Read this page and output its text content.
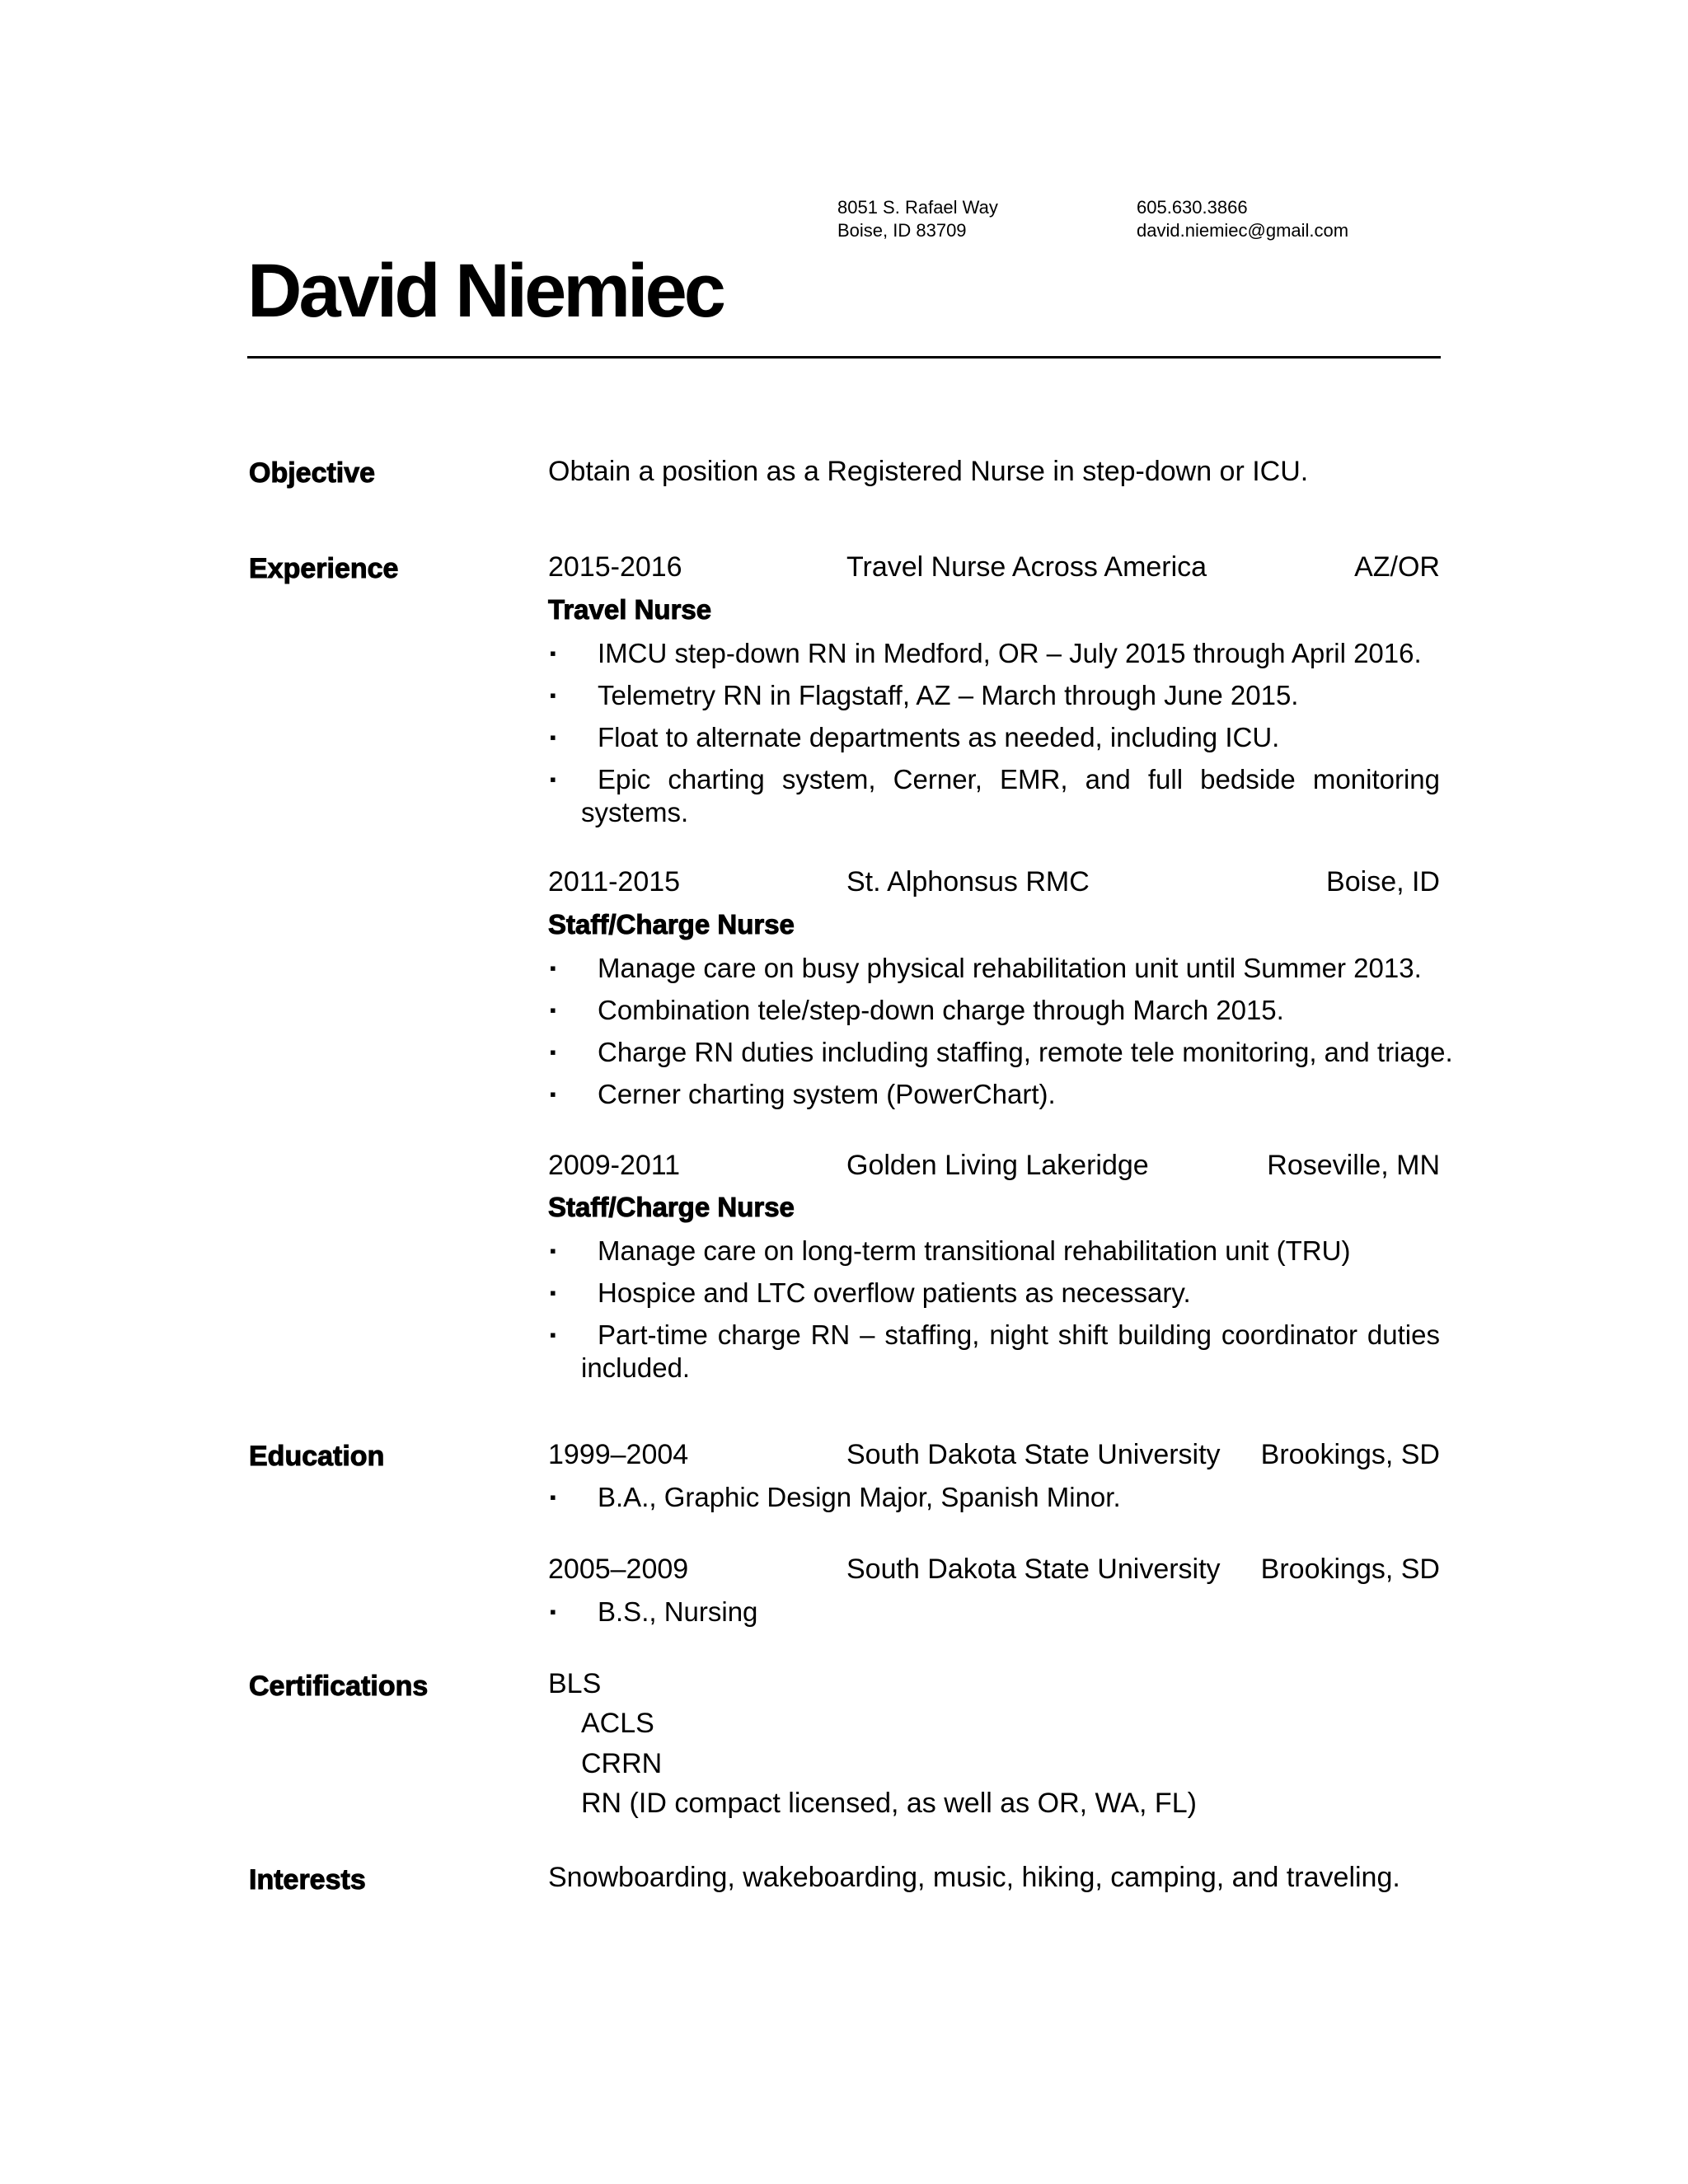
8051 S. Rafael Way
Boise, ID 83709
605.630.3866
david.niemiec@gmail.com
David Niemiec
Objective	Obtain a position as a Registered Nurse in step-down or ICU.
Experience	2015-2016	Travel Nurse Across America	AZ/OR
Travel Nurse
▪	IMCU step-down RN in Medford, OR – July 2015 through April 2016.
▪	Telemetry RN in Flagstaff, AZ – March through June 2015.
▪	Float to alternate departments as needed, including ICU.
▪	Epic charting system, Cerner, EMR, and full bedside monitoring systems.
2011-2015	St. Alphonsus RMC	Boise, ID
Staff/Charge Nurse
▪	Manage care on busy physical rehabilitation unit until Summer 2013.
▪	Combination tele/step-down charge through March 2015.
▪	Charge RN duties including staffing, remote tele monitoring, and triage.
▪	Cerner charting system (PowerChart).
2009-2011	Golden Living Lakeridge	Roseville, MN
Staff/Charge Nurse
▪	Manage care on long-term transitional rehabilitation unit (TRU)
▪	Hospice and LTC overflow patients as necessary.
▪	Part-time charge RN – staffing, night shift building coordinator duties included.
Education	1999–2004	South Dakota State University Brookings, SD
▪	B.A., Graphic Design Major, Spanish Minor.
2005–2009	South Dakota State University Brookings, SD
▪	B.S., Nursing
Certifications	BLS
ACLS
CRRN
RN (ID compact licensed, as well as OR, WA, FL)
Interests	Snowboarding, wakeboarding, music, hiking, camping, and traveling.
